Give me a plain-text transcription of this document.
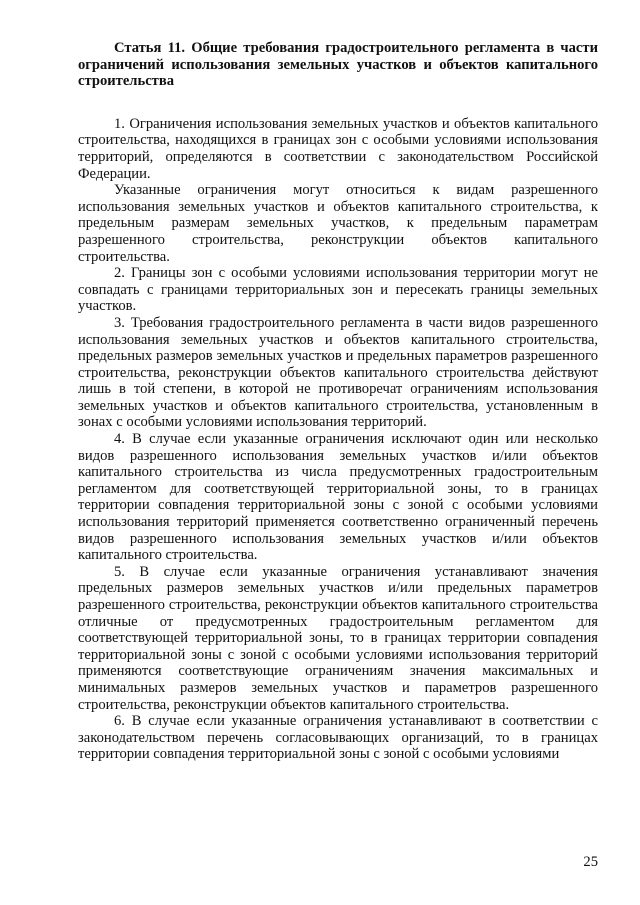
Статья 11. Общие требования градостроительного регламента в части ограничений использования земельных участков и объектов капитального строительства

1. Ограничения использования земельных участков и объектов капитального строительства, находящихся в границах зон с особыми условиями использования территорий, определяются в соответствии с законодательством Российской Федерации.

Указанные ограничения могут относиться к видам разрешенного использования земельных участков и объектов капитального строительства, к предельным размерам земельных участков, к предельным параметрам разрешенного строительства, реконструкции объектов капитального строительства.

2. Границы зон с особыми условиями использования территории могут не совпадать с границами территориальных зон и пересекать границы земельных участков.

3. Требования градостроительного регламента в части видов разрешенного использования земельных участков и объектов капитального строительства, предельных размеров земельных участков и предельных параметров разрешенного строительства, реконструкции объектов капитального строительства действуют лишь в той степени, в которой не противоречат ограничениям использования земельных участков и объектов капитального строительства, установленным в зонах с особыми условиями использования территорий.

4. В случае если указанные ограничения исключают один или несколько видов разрешенного использования земельных участков и/или объектов капитального строительства из числа предусмотренных градостроительным регламентом для соответствующей территориальной зоны, то в границах территории совпадения территориальной зоны с зоной с особыми условиями использования территорий применяется соответственно ограниченный перечень видов разрешенного использования земельных участков и/или объектов капитального строительства.

5. В случае если указанные ограничения устанавливают значения предельных размеров земельных участков и/или предельных параметров разрешенного строительства, реконструкции объектов капитального строительства отличные от предусмотренных градостроительным регламентом для соответствующей территориальной зоны, то в границах территории совпадения территориальной зоны с зоной с особыми условиями использования территорий применяются соответствующие ограничениям значения максимальных и минимальных размеров земельных участков и параметров разрешенного строительства, реконструкции объектов капитального строительства.

6. В случае если указанные ограничения устанавливают в соответствии с законодательством перечень согласовывающих организаций, то в границах территории совпадения территориальной зоны с зоной с особыми условиями

25
